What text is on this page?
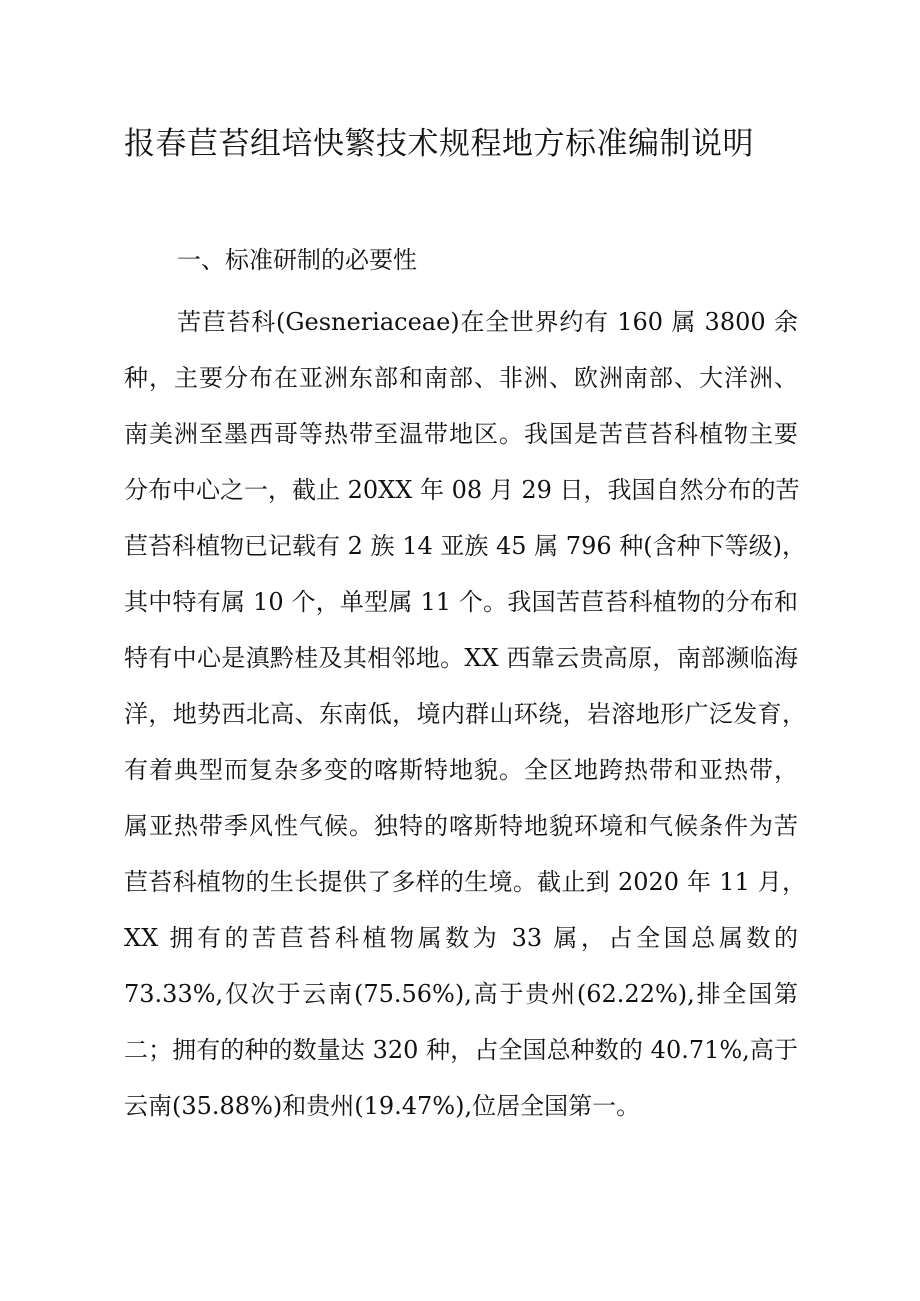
报春苣苔组培快繁技术规程地方标准编制说明
一、标准研制的必要性

苦苣苔科(Gesneriaceae)在全世界约有 160 属 3800 余

种，主要分布在亚洲东部和南部、非洲、欧洲南部、大洋洲、

南美洲至墨西哥等热带至温带地区。我国是苦苣苔科植物主要

分布中心之一，截止 20XX 年 08 月 29 日，我国自然分布的苦

苣苔科植物已记载有 2 族 14 亚族 45 属 796 种(含种下等级)，

其中特有属 10 个，单型属 11 个。我国苦苣苔科植物的分布和

特有中心是滇黔桂及其相邻地。XX 西靠云贵高原，南部濒临海

洋，地势西北高、东南低，境内群山环绕，岩溶地形广泛发育，

有着典型而复杂多变的喀斯特地貌。全区地跨热带和亚热带，

属亚热带季风性气候。独特的喀斯特地貌环境和气候条件为苦

苣苔科植物的生长提供了多样的生境。截止到 2020 年 11 月，

XX 拥有的苦苣苔科植物属数为 33 属，占全国总属数的

73.33%,仅次于云南(75.56%),高于贵州(62.22%),排全国第

二；拥有的种的数量达 320 种，占全国总种数的 40.71%,高于

云南(35.88%)和贵州(19.47%),位居全国第一。
